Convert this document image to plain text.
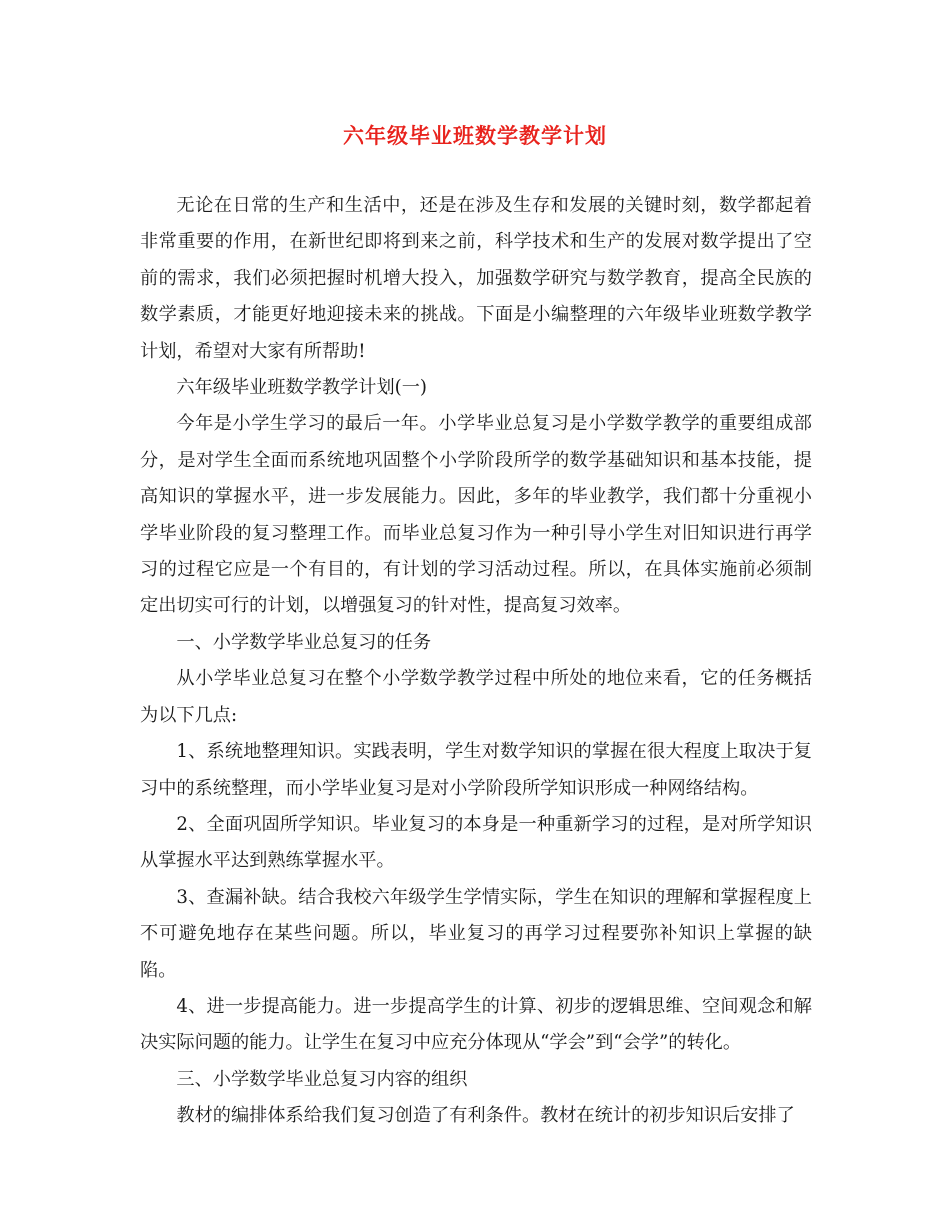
六年级毕业班数学教学计划

无论在日常的生产和生活中，还是在涉及生存和发展的关键时刻，数学都起着非常重要的作用，在新世纪即将到来之前，科学技术和生产的发展对数学提出了空前的需求，我们必须把握时机增大投入，加强数学研究与数学教育，提高全民族的数学素质，才能更好地迎接未来的挑战。下面是小编整理的六年级毕业班数学教学计划，希望对大家有所帮助!

六年级毕业班数学教学计划(一)

今年是小学生学习的最后一年。小学毕业总复习是小学数学教学的重要组成部分，是对学生全面而系统地巩固整个小学阶段所学的数学基础知识和基本技能，提高知识的掌握水平，进一步发展能力。因此，多年的毕业教学，我们都十分重视小学毕业阶段的复习整理工作。而毕业总复习作为一种引导小学生对旧知识进行再学习的过程它应是一个有目的，有计划的学习活动过程。所以，在具体实施前必须制定出切实可行的计划，以增强复习的针对性，提高复习效率。

一、小学数学毕业总复习的任务

从小学毕业总复习在整个小学数学教学过程中所处的地位来看，它的任务概括为以下几点:

1、系统地整理知识。实践表明，学生对数学知识的掌握在很大程度上取决于复习中的系统整理，而小学毕业复习是对小学阶段所学知识形成一种网络结构。

2、全面巩固所学知识。毕业复习的本身是一种重新学习的过程，是对所学知识从掌握水平达到熟练掌握水平。

3、查漏补缺。结合我校六年级学生学情实际，学生在知识的理解和掌握程度上不可避免地存在某些问题。所以，毕业复习的再学习过程要弥补知识上掌握的缺陷。

4、进一步提高能力。进一步提高学生的计算、初步的逻辑思维、空间观念和解决实际问题的能力。让学生在复习中应充分体现从“学会”到“会学”的转化。

三、小学数学毕业总复习内容的组织

教材的编排体系给我们复习创造了有利条件。教材在统计的初步知识后安排了
